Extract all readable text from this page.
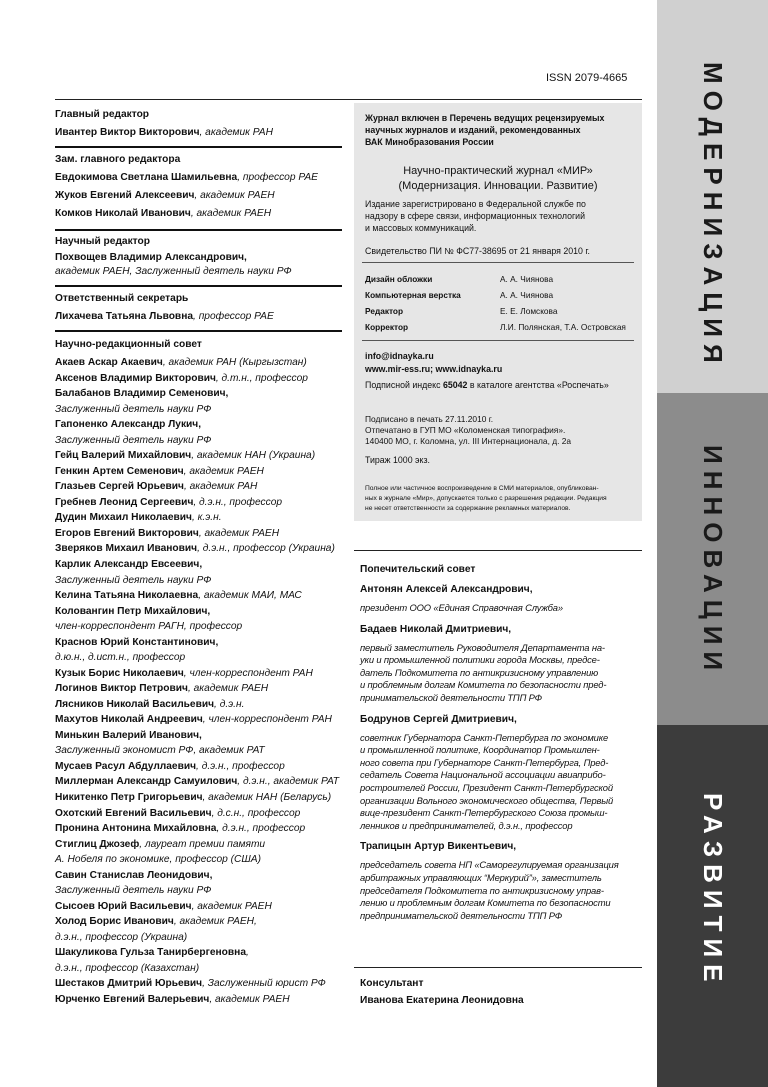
ISSN 2079-4665
Главный редактор
Ивантер Виктор Викторович, академик РАН
Зам. главного редактора
Евдокимова Светлана Шамильевна, профессор РАЕ
Жуков Евгений Алексеевич, академик РАЕН
Комков Николай Иванович, академик РАЕН
Научный редактор
Похвощев Владимир Александрович,
академик РАЕН, Заслуженный деятель науки РФ
Ответственный секретарь
Лихачева Татьяна Львовна, профессор РАЕ
Научно-редакционный совет
Акаев Аскар Акаевич, академик РАН (Кыргызстан)
Аксенов Владимир Викторович, д.т.н., профессор
Балабанов Владимир Семенович,
Заслуженный деятель науки РФ
Гапоненко Александр Лукич,
Заслуженный деятель науки РФ
Гейц Валерий Михайлович, академик НАН (Украина)
Генкин Артем Семенович, академик РАЕН
Глазьев Сергей Юрьевич, академик РАН
Гребнев Леонид Сергеевич, д.э.н., профессор
Дудин Михаил Николаевич, к.э.н.
Егоров Евгений Викторович, академик РАЕН
Зверяков Михаил Иванович, д.э.н., профессор (Украина)
Карлик Александр Евсеевич,
Заслуженный деятель науки РФ
Келина Татьяна Николаевна, академик МАИ, МАС
Коловангин Петр Михайлович,
член-корреспондент РАГН, профессор
Краснов Юрий Константинович,
д.ю.н., д.ист.н., профессор
Кузык Борис Николаевич, член-корреспондент РАН
Логинов Виктор Петрович, академик РАЕН
Лясников Николай Васильевич, д.э.н.
Махутов Николай Андреевич, член-корреспондент РАН
Минькин Валерий Иванович,
Заслуженный экономист РФ, академик РАТ
Мусаев Расул Абдуллаевич, д.э.н., профессор
Миллерман Александр Самуилович, д.э.н., академик РАТ
Никитенко Петр Григорьевич, академик НАН (Беларусь)
Охотский Евгений Васильевич, д.с.н., профессор
Пронина Антонина Михайловна, д.э.н., профессор
Стиглиц Джозеф, лауреат премии памяти
А. Нобеля по экономике, профессор (США)
Савин Станислав Леонидович,
Заслуженный деятель науки РФ
Сысоев Юрий Васильевич, академик РАЕН
Холод Борис Иванович, академик РАЕН,
д.э.н., профессор (Украина)
Шакуликова Гульза Танирбергеновна,
д.э.н., профессор (Казахстан)
Шестаков Дмитрий Юрьевич, Заслуженный юрист РФ
Юрченко Евгений Валерьевич, академик РАЕН
Журнал включен в Перечень ведущих рецензируемых
научных журналов и изданий, рекомендованных
ВАК Минобразования России
Научно-практический журнал «МИР»
(Модернизация. Инновации. Развитие)
Издание зарегистрировано в Федеральной службе по
надзору в сфере связи, информационных технологий
и массовых коммуникаций.
Свидетельство ПИ № ФС77-38695 от 21 января 2010 г.
Дизайн обложки	А. А. Чиянова
Компьютерная верстка	А. А. Чиянова
Редактор	Е. Е. Ломскова
Корректор	Л.И. Полянская, Т.А. Островская
info@idnayka.ru
www.mir-ess.ru; www.idnayka.ru
Подписной индекс 65042 в каталоге агентства «Роспечать»
Подписано в печать 27.11.2010 г.
Отпечатано в ГУП МО «Коломенская типография».
140400 МО, г. Коломна, ул. III Интернационала, д. 2а
Тираж 1000 экз.
Полное или частичное воспроизведение в СМИ материалов, опубликован-
ных в журнале «Мир», допускается только с разрешения редакции. Редакция
не несет ответственности за содержание рекламных материалов.
Попечительский совет
Антонян Алексей Александрович,
президент ООО «Единая Справочная Служба»
Бадаев Николай Дмитриевич,
первый заместитель Руководителя Департамента на-
уки и промышленной политики города Москвы, предсе-
датель Подкомитета по антикризисному управлению
и проблемным долгам Комитета по безопасности пред-
принимательской деятельности ТПП РФ
Бодрунов Сергей Дмитриевич,
советник Губернатора Санкт-Петербурга по экономике
и промышленной политике, Координатор Промышлен-
ного совета при Губернаторе Санкт-Петербурга, Пред-
седатель Совета Национальной ассоциации авиаприбо-
ростроителей России, Президент Санкт-Петербургской
организации Вольного экономического общества, Первый
вице-президент Санкт-Петербургского Союза промыш-
ленников и предпринимателей, д.э.н., профессор
Трапицын Артур Викентьевич,
председатель совета НП «Саморегулируемая организация
арбитражных управляющих “Меркурий”», заместитель
председателя Подкомитета по антикризисному управ-
лению и проблемным долгам Комитета по безопасности
предпринимательской деятельности ТПП РФ
Консультант
Иванова Екатерина Леонидовна
МОДЕРНИЗАЦИЯ
ИННОВАЦИИ
РАЗВИТИЕ
